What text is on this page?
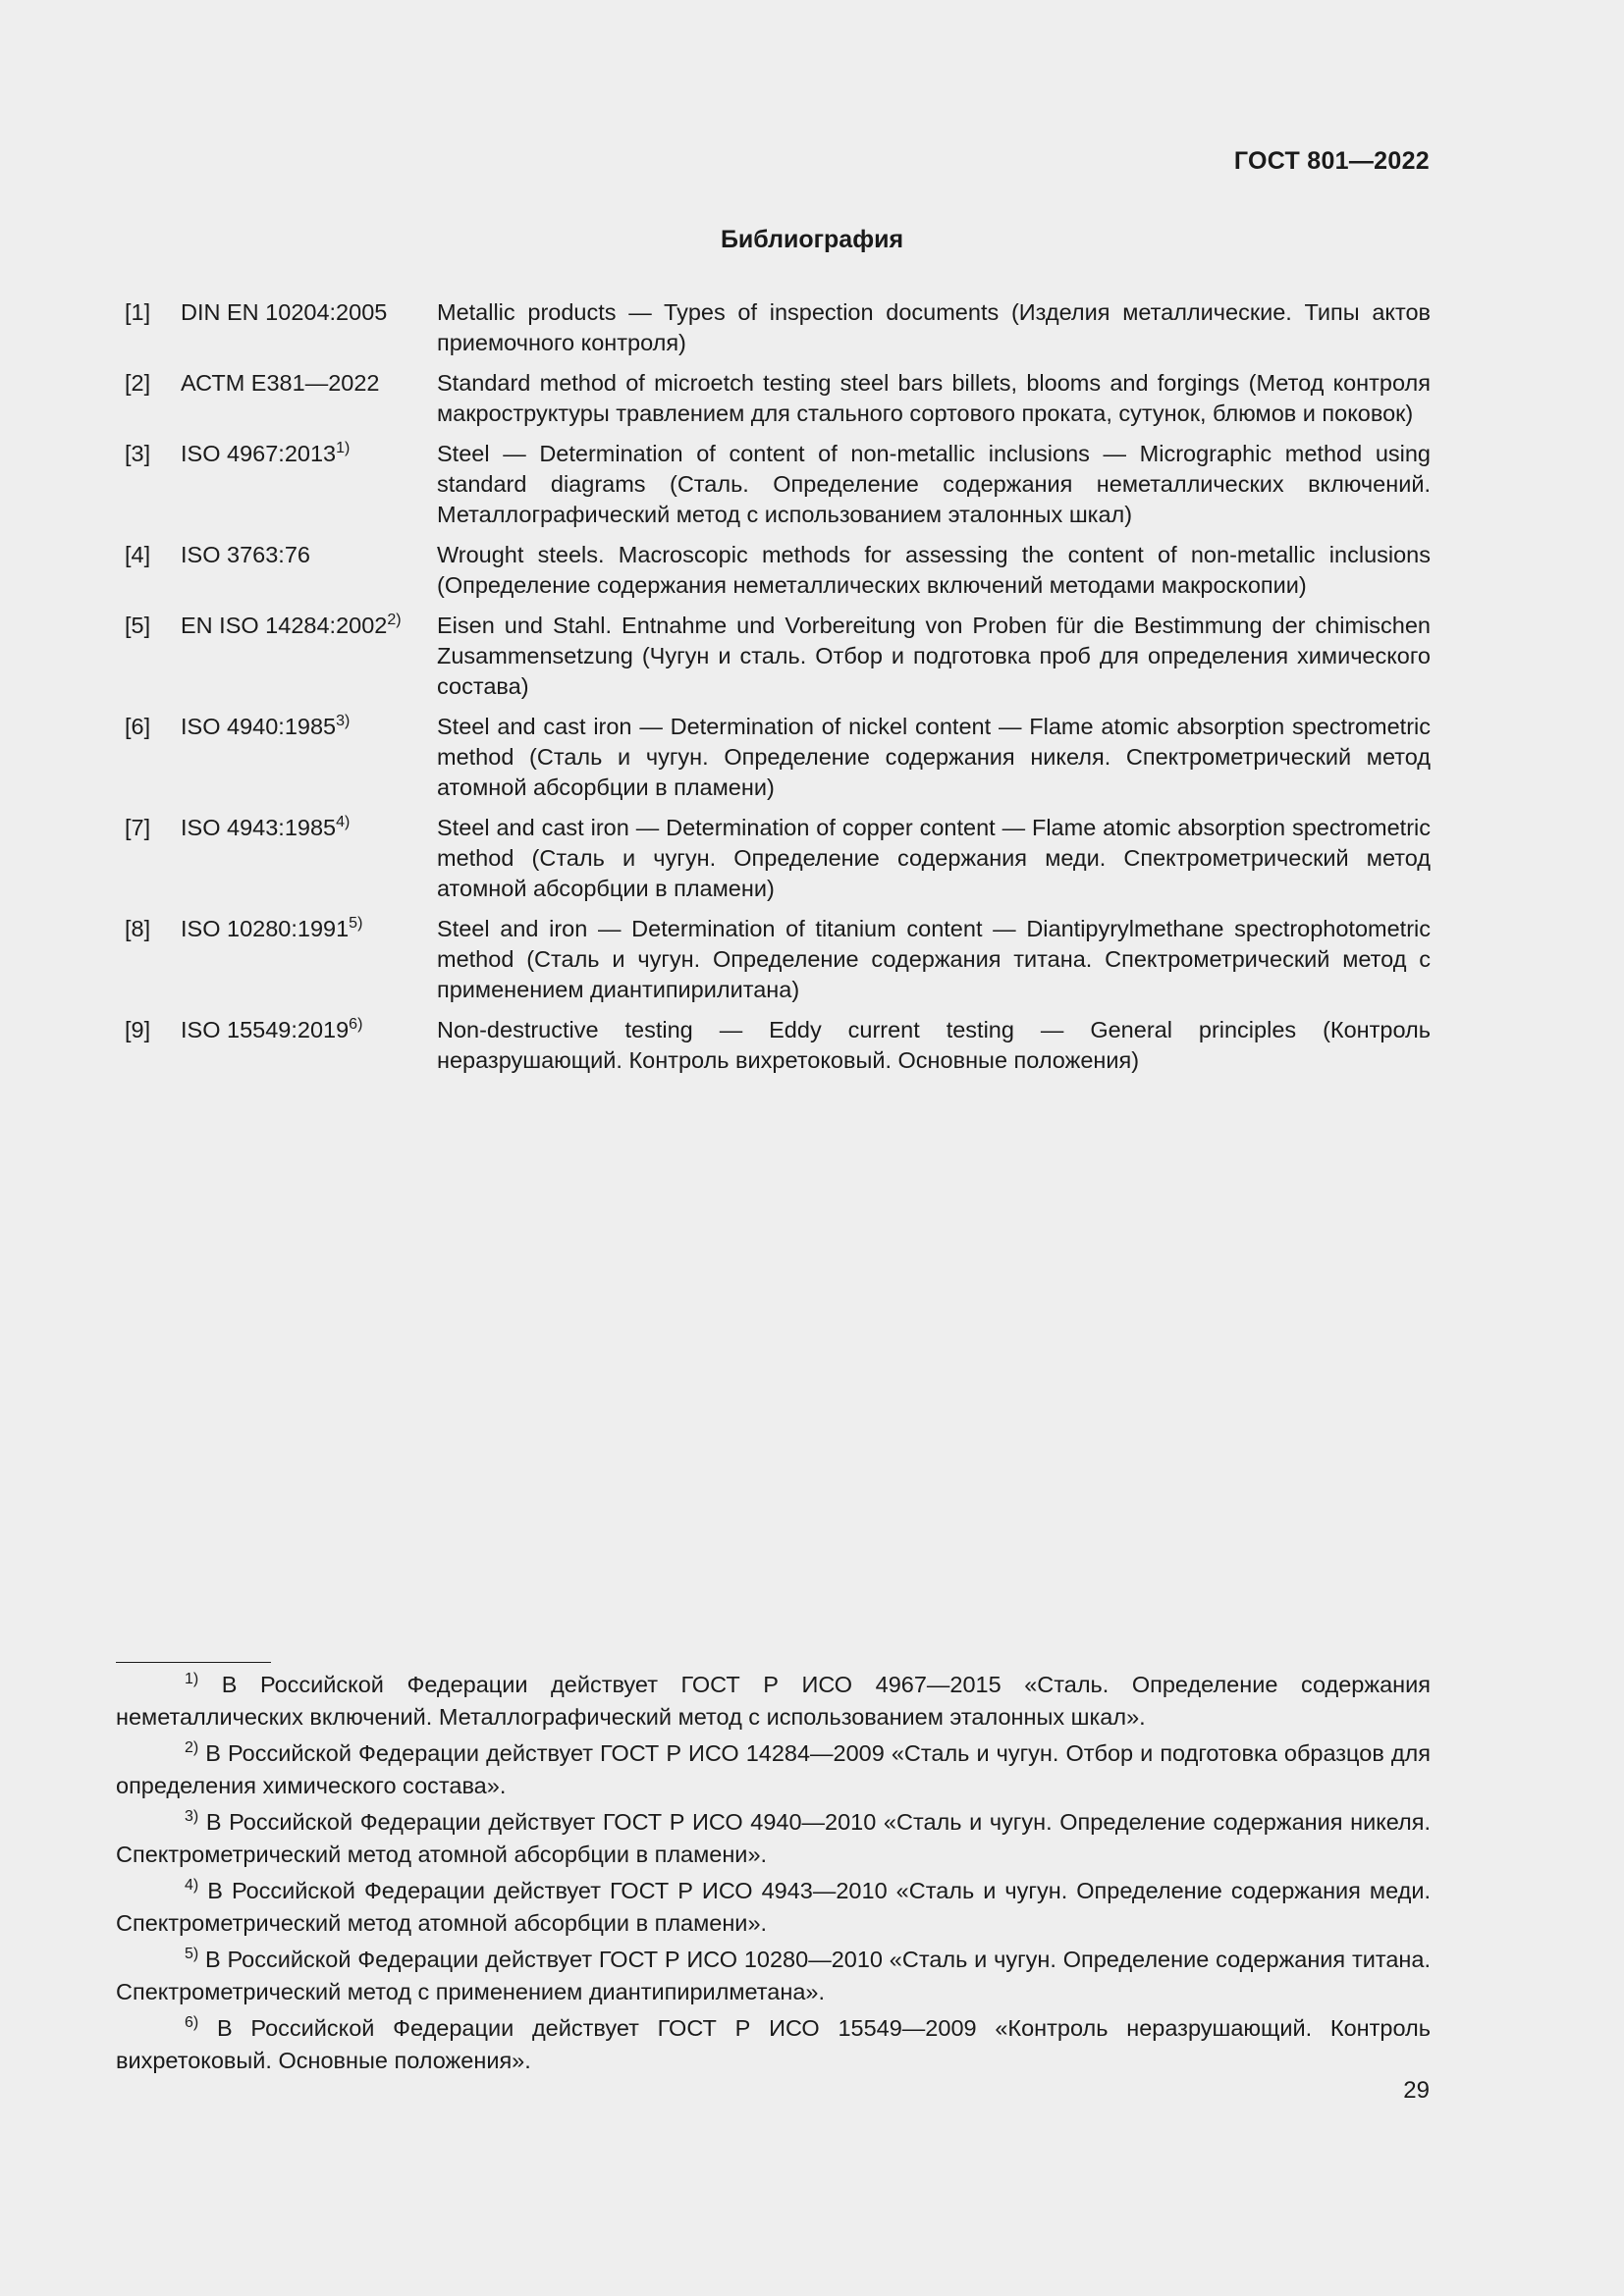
ГОСТ 801—2022
Библиография
[1]	DIN EN 10204:2005	Metallic products — Types of inspection documents (Изделия металлические. Типы актов приемочного контроля)
[2]	АСТМ Е381—2022	Standard method of microetch testing steel bars billets, blooms and forgings (Метод контроля макроструктуры травлением для стального сортового проката, сутунок, блюмов и поковок)
[3]	ISO 4967:2013$^{1)}$	Steel — Determination of content of non-metallic inclusions — Micrographic method using standard diagrams (Сталь. Определение содержания неметаллических включений. Металлографический метод с использованием эталонных шкал)
[4]	ISO 3763:76	Wrought steels. Macroscopic methods for assessing the content of non-metallic inclusions (Определение содержания неметаллических включений методами макроскопии)
[5]	EN ISO 14284:2002$^{2)}$	Eisen und Stahl. Entnahme und Vorbereitung von Proben für die Bestimmung der chimischen Zusammensetzung (Чугун и сталь. Отбор и подготовка проб для определения химического состава)
[6]	ISO 4940:1985$^{3)}$	Steel and cast iron — Determination of nickel content — Flame atomic absorption spectrometric method (Сталь и чугун. Определение содержания никеля. Спектрометрический метод атомной абсорбции в пламени)
[7]	ISO 4943:1985$^{4)}$	Steel and cast iron — Determination of copper content — Flame atomic absorption spectrometric method (Сталь и чугун. Определение содержания меди. Спектрометрический метод атомной абсорбции в пламени)
[8]	ISO 10280:1991$^{5)}$	Steel and iron — Determination of titanium content — Diantipyrylmethane spectrophotometric method (Сталь и чугун. Определение содержания титана. Спектрометрический метод с применением диантипирилитана)
[9]	ISO 15549:2019$^{6)}$	Non-destructive testing — Eddy current testing — General principles (Контроль неразрушающий. Контроль вихретоковый. Основные положения)

$^{1)}$ В Российской Федерации действует ГОСТ Р ИСО 4967—2015 «Сталь. Определение содержания неметаллических включений. Металлографический метод с использованием эталонных шкал».

$^{2)}$ В Российской Федерации действует ГОСТ Р ИСО 14284—2009 «Сталь и чугун. Отбор и подготовка образцов для определения химического состава».

$^{3)}$ В Российской Федерации действует ГОСТ Р ИСО 4940—2010 «Сталь и чугун. Определение содержания никеля. Спектрометрический метод атомной абсорбции в пламени».

$^{4)}$ В Российской Федерации действует ГОСТ Р ИСО 4943—2010 «Сталь и чугун. Определение содержания меди. Спектрометрический метод атомной абсорбции в пламени».

$^{5)}$ В Российской Федерации действует ГОСТ Р ИСО 10280—2010 «Сталь и чугун. Определение содержания титана. Спектрометрический метод с применением диантипирилметана».

$^{6)}$ В Российской Федерации действует ГОСТ Р ИСО 15549—2009 «Контроль неразрушающий. Контроль вихретоковый. Основные положения».

29
